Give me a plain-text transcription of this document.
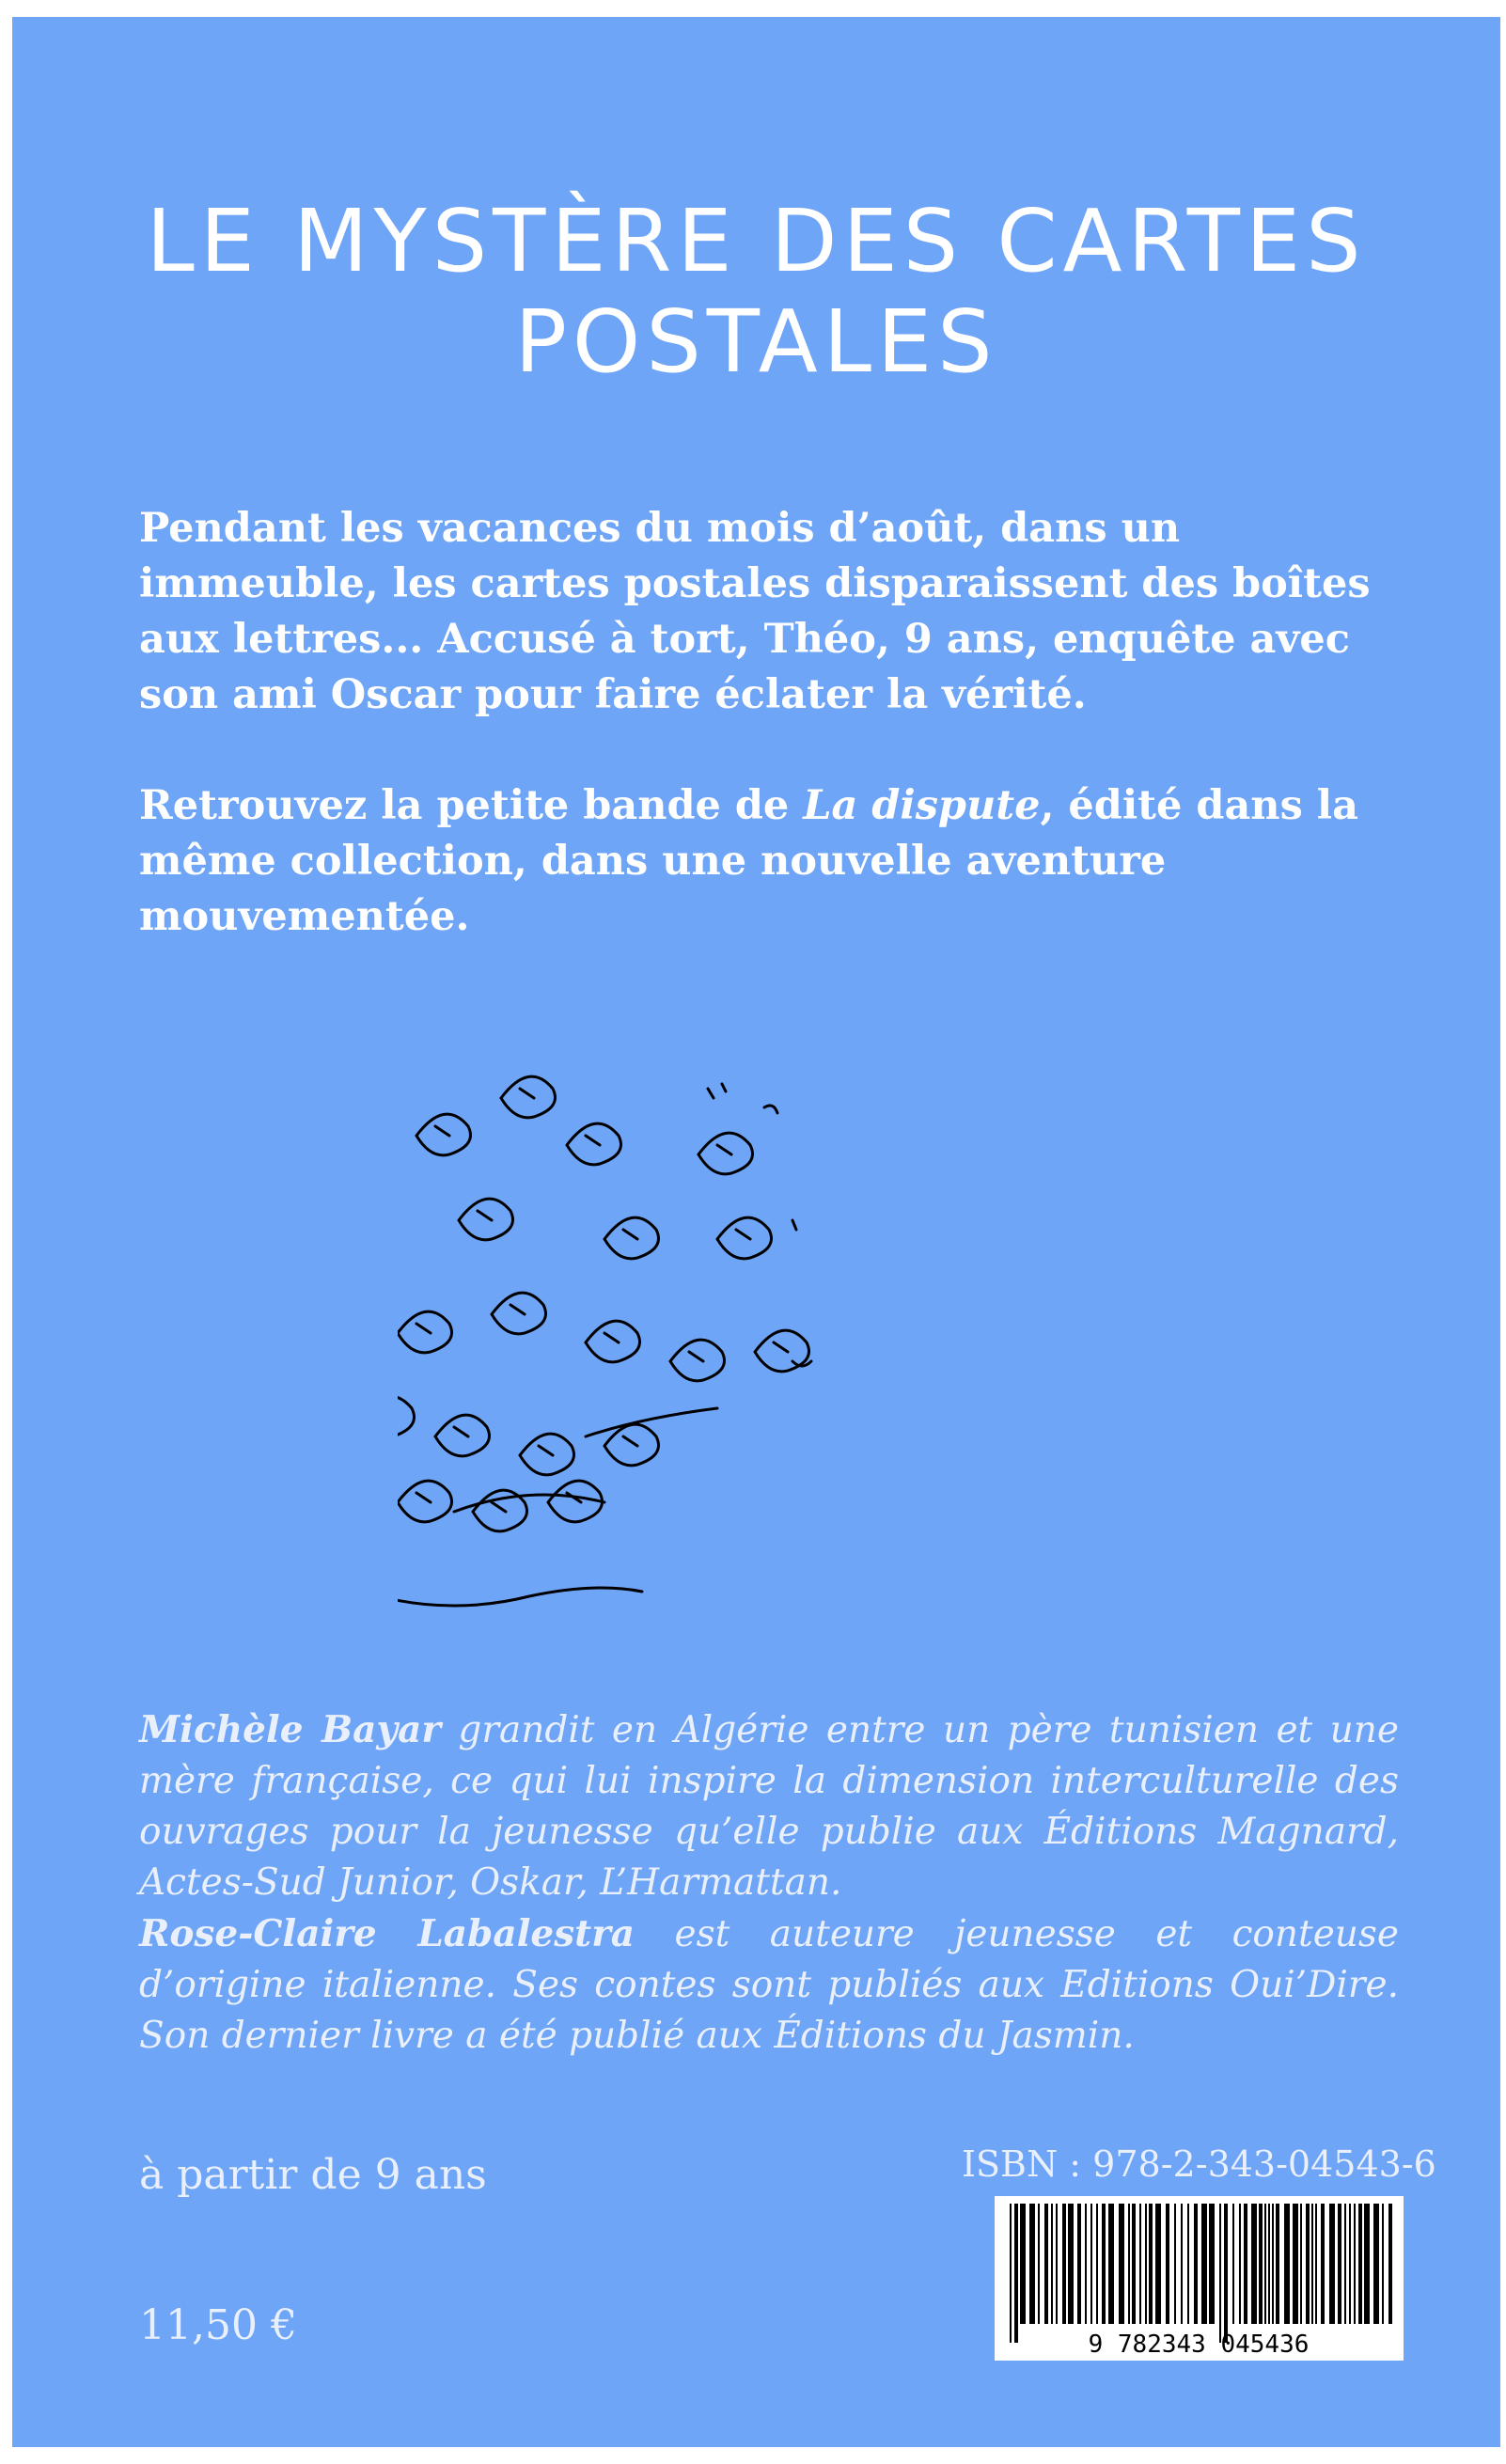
LE MYSTÈRE DES CARTES POSTALES

Pendant les vacances du mois d’août, dans un immeuble, les cartes postales disparaissent des boîtes aux lettres... Accusé à tort, Théo, 9 ans, enquête avec son ami Oscar pour faire éclater la vérité.

Retrouvez la petite bande de La dispute, édité dans la même collection, dans une nouvelle aventure mouvementée.

Michèle Bayar grandit en Algérie entre un père tunisien et une mère française, ce qui lui inspire la dimension interculturelle des ouvrages pour la jeunesse qu’elle publie aux Éditions Magnard, Actes-Sud Junior, Oskar, L’Harmattan.

Rose-Claire Labalestra est auteure jeunesse et conteuse d’origine italienne. Ses contes sont publiés aux Editions Oui’Dire. Son dernier livre a été publié aux Éditions du Jasmin.

à partir de 9 ans
11,50 €
ISBN : 978-2-343-04543-6
9 782343 045436
